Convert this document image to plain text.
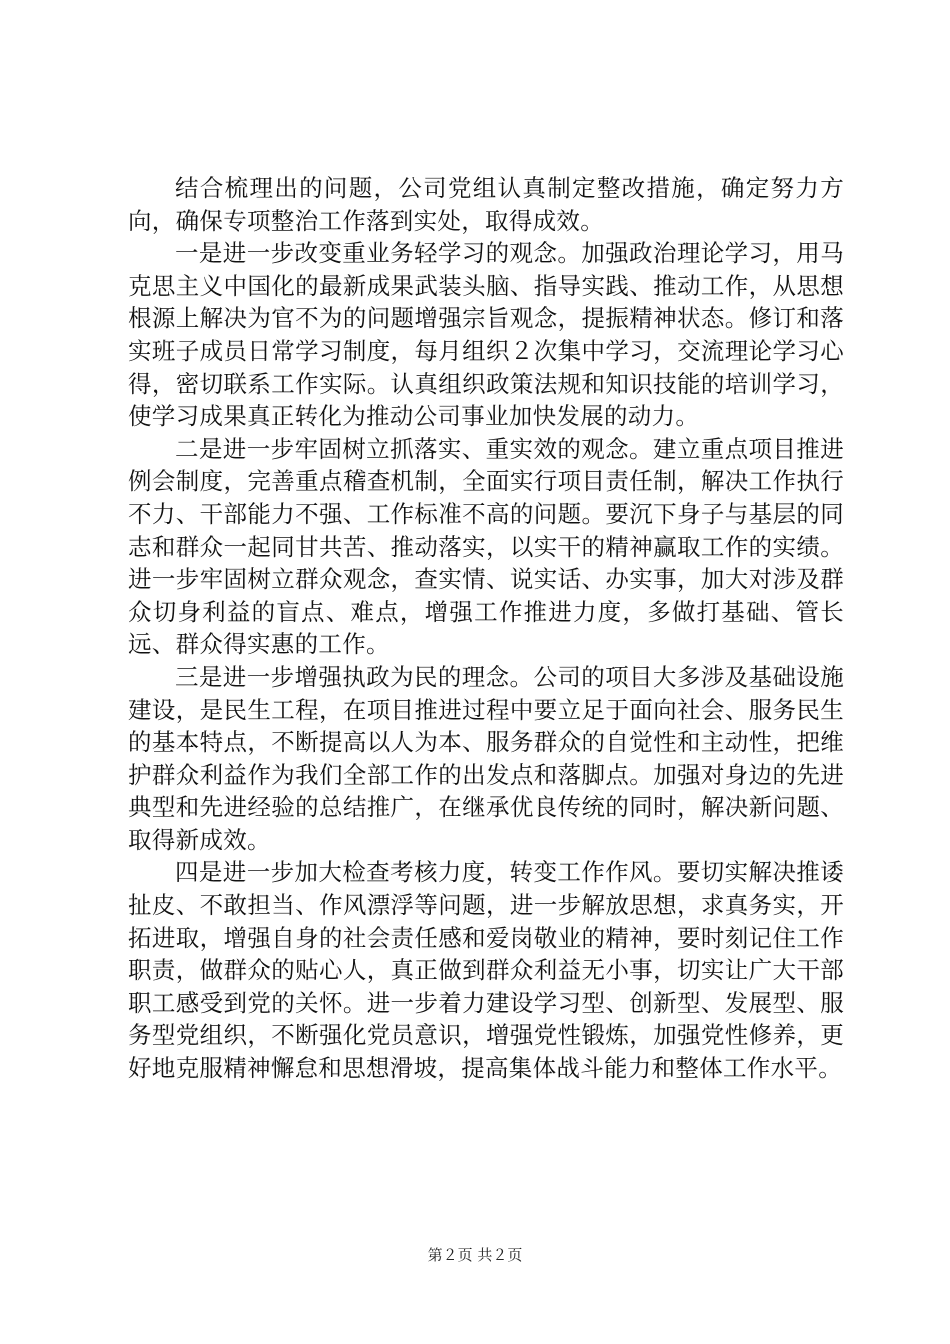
结合梳理出的问题，公司党组认真制定整改措施，确定努力方向，确保专项整治工作落到实处，取得成效。

一是进一步改变重业务轻学习的观念。加强政治理论学习，用马克思主义中国化的最新成果武装头脑、指导实践、推动工作，从思想根源上解决为官不为的问题增强宗旨观念，提振精神状态。修订和落实班子成员日常学习制度，每月组织２次集中学习，交流理论学习心得，密切联系工作实际。认真组织政策法规和知识技能的培训学习，使学习成果真正转化为推动公司事业加快发展的动力。

二是进一步牢固树立抓落实、重实效的观念。建立重点项目推进例会制度，完善重点稽查机制，全面实行项目责任制，解决工作执行不力、干部能力不强、工作标准不高的问题。要沉下身子与基层的同志和群众一起同甘共苦、推动落实，以实干的精神赢取工作的实绩。进一步牢固树立群众观念，查实情、说实话、办实事，加大对涉及群众切身利益的盲点、难点，增强工作推进力度，多做打基础、管长远、群众得实惠的工作。

三是进一步增强执政为民的理念。公司的项目大多涉及基础设施建设，是民生工程，在项目推进过程中要立足于面向社会、服务民生的基本特点，不断提高以人为本、服务群众的自觉性和主动性，把维护群众利益作为我们全部工作的出发点和落脚点。加强对身边的先进典型和先进经验的总结推广，在继承优良传统的同时，解决新问题、取得新成效。

四是进一步加大检查考核力度，转变工作作风。要切实解决推诿扯皮、不敢担当、作风漂浮等问题，进一步解放思想，求真务实，开拓进取，增强自身的社会责任感和爱岗敬业的精神，要时刻记住工作职责，做群众的贴心人，真正做到群众利益无小事，切实让广大干部职工感受到党的关怀。进一步着力建设学习型、创新型、发展型、服务型党组织，不断强化党员意识，增强党性锻炼，加强党性修养，更好地克服精神懈怠和思想滑坡，提高集体战斗能力和整体工作水平。

第２页 共２页
